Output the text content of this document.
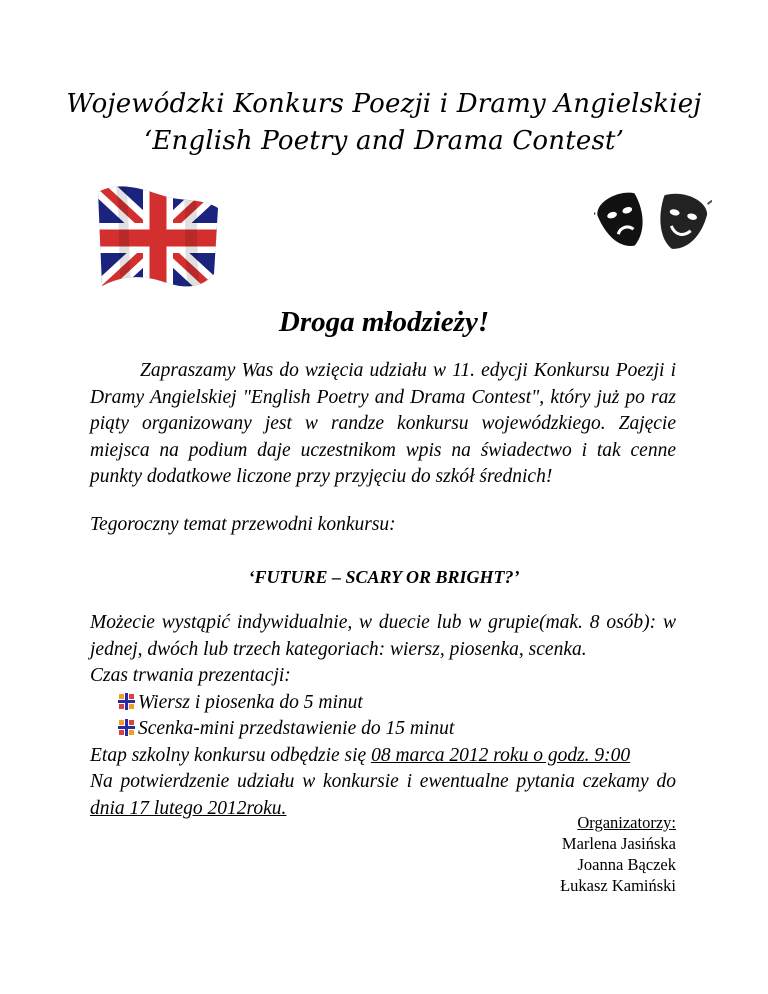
Wojewódzki Konkurs Poezji i Dramy Angielskiej
‘English Poetry and Drama Contest’
Droga młodzieży!
Zapraszamy Was do wzięcia udziału w 11. edycji Konkursu Poezji i Dramy Angielskiej "English Poetry and Drama Contest", który już po raz piąty organizowany jest w randze konkursu wojewódzkiego. Zajęcie miejsca na podium daje uczestnikom wpis na świadectwo i tak cenne punkty dodatkowe liczone przy przyjęciu do szkół średnich!
Tegoroczny temat przewodni konkursu:
‘FUTURE – SCARY OR BRIGHT?’
Możecie wystąpić indywidualnie, w duecie lub w grupie(mak. 8 osób): w jednej, dwóch lub trzech kategoriach: wiersz, piosenka, scenka.
Czas trwania prezentacji:
Wiersz i piosenka do 5 minut
Scenka-mini przedstawienie do 15 minut
Etap szkolny konkursu odbędzie się 08 marca 2012 roku o godz. 9:00
Na potwierdzenie udziału w konkursie i ewentualne pytania czekamy do dnia 17 lutego 2012roku.
Organizatorzy:
Marlena Jasińska
Joanna Bączek
Łukasz Kamiński
